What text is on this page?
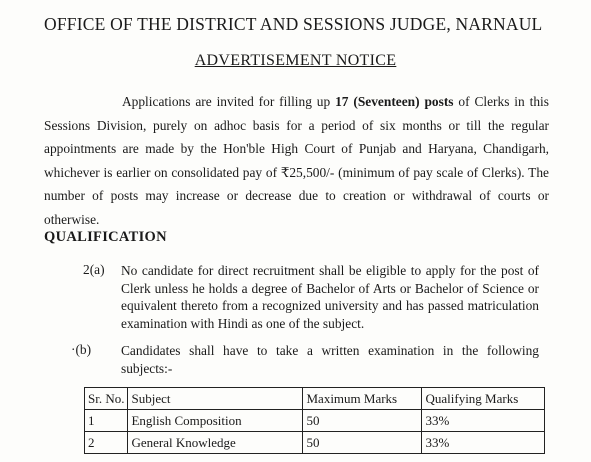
OFFICE OF THE DISTRICT AND SESSIONS JUDGE, NARNAUL
ADVERTISEMENT NOTICE
Applications are invited for filling up 17 (Seventeen) posts of Clerks in this Sessions Division, purely on adhoc basis for a period of six months or till the regular appointments are made by the Hon'ble High Court of Punjab and Haryana, Chandigarh, whichever is earlier on consolidated pay of ₹25,500/- (minimum of pay scale of Clerks). The number of posts may increase or decrease due to creation or withdrawal of courts or otherwise.
QUALIFICATION
2(a) No candidate for direct recruitment shall be eligible to apply for the post of Clerk unless he holds a degree of Bachelor of Arts or Bachelor of Science or equivalent thereto from a recognized university and has passed matriculation examination with Hindi as one of the subject.
·(b) Candidates shall have to take a written examination in the following subjects:-
Sr. No.	Subject	Maximum Marks	Qualifying Marks
1	English Composition	50	33%
2	General Knowledge	50	33%
